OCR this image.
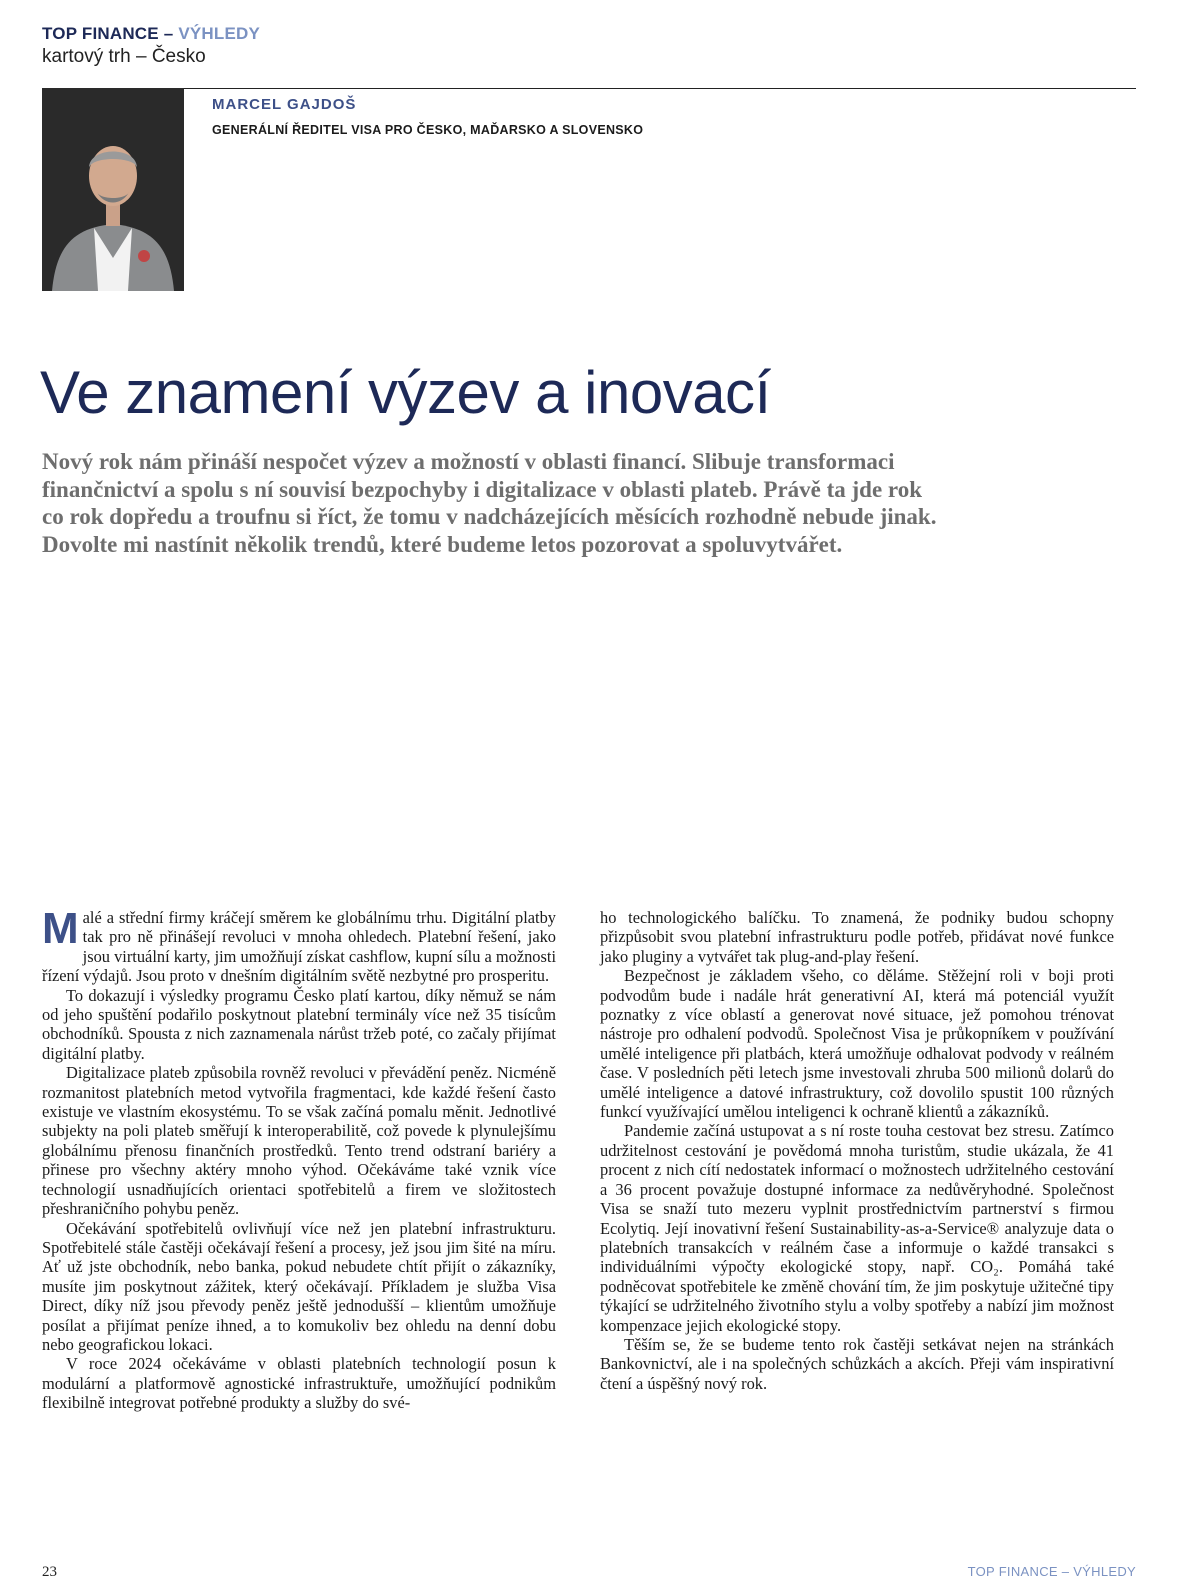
TOP FINANCE – VÝHLEDY
kartový trh – Česko
MARCEL GAJDOŠ
GENERÁLNÍ ŘEDITEL VISA PRO ČESKO, MAĎARSKO A SLOVENSKO
Ve znamení výzev a inovací

Nový rok nám přináší nespočet výzev a možností v oblasti financí. Slibuje transformaci finančnictví a spolu s ní souvisí bezpochyby i digitalizace v oblasti plateb. Právě ta jde rok co rok dopředu a troufnu si říct, že tomu v nadcházejících měsících rozhodně nebude jinak. Dovolte mi nastínit několik trendů, které budeme letos pozorovat a spoluvytvářet.

Malé a střední firmy kráčejí směrem ke globálnímu trhu. Digitální platby tak pro ně přinášejí revoluci v mnoha ohledech. Platební řešení, jako jsou virtuální karty, jim umožňují získat cashflow, kupní sílu a možnosti řízení výdajů. Jsou proto v dnešním digitálním světě nezbytné pro prosperitu.

To dokazují i výsledky programu Česko platí kartou, díky němuž se nám od jeho spuštění podařilo poskytnout platební terminály více než 35 tisícům obchodníků. Spousta z nich zaznamenala nárůst tržeb poté, co začaly přijímat digitální platby.

Digitalizace plateb způsobila rovněž revoluci v převádění peněz. Nicméně rozmanitost platebních metod vytvořila fragmentaci, kde každé řešení často existuje ve vlastním ekosystému. To se však začíná pomalu měnit. Jednotlivé subjekty na poli plateb směřují k interoperabilitě, což povede k plynulejšímu globálnímu přenosu finančních prostředků. Tento trend odstraní bariéry a přinese pro všechny aktéry mnoho výhod. Očekáváme také vznik více technologií usnadňujících orientaci spotřebitelů a firem ve složitostech přeshraničního pohybu peněz.

Očekávání spotřebitelů ovlivňují více než jen platební infrastrukturu. Spotřebitelé stále častěji očekávají řešení a procesy, jež jsou jim šité na míru. Ať už jste obchodník, nebo banka, pokud nebudete chtít přijít o zákazníky, musíte jim poskytnout zážitek, který očekávají. Příkladem je služba Visa Direct, díky níž jsou převody peněz ještě jednodušší – klientům umožňuje posílat a přijímat peníze ihned, a to komukoliv bez ohledu na denní dobu nebo geografickou lokaci.

V roce 2024 očekáváme v oblasti platebních technologií posun k modulární a platformově agnostické infrastruktuře, umožňující podnikům flexibilně integrovat potřebné produkty a služby do své-

ho technologického balíčku. To znamená, že podniky budou schopny přizpůsobit svou platební infrastrukturu podle potřeb, přidávat nové funkce jako pluginy a vytvářet tak plug-and-play řešení.

Bezpečnost je základem všeho, co děláme. Stěžejní roli v boji proti podvodům bude i nadále hrát generativní AI, která má potenciál využít poznatky z více oblastí a generovat nové situace, jež pomohou trénovat nástroje pro odhalení podvodů. Společnost Visa je průkopníkem v používání umělé inteligence při platbách, která umožňuje odhalovat podvody v reálném čase. V posledních pěti letech jsme investovali zhruba 500 milionů dolarů do umělé inteligence a datové infrastruktury, což dovolilo spustit 100 různých funkcí využívající umělou inteligenci k ochraně klientů a zákazníků.

Pandemie začíná ustupovat a s ní roste touha cestovat bez stresu. Zatímco udržitelnost cestování je povědomá mnoha turistům, studie ukázala, že 41 procent z nich cítí nedostatek informací o možnostech udržitelného cestování a 36 procent považuje dostupné informace za nedůvěryhodné. Společnost Visa se snaží tuto mezeru vyplnit prostřednictvím partnerství s firmou Ecolytiq. Její inovativní řešení Sustainability-as-a-Service® analyzuje data o platebních transakcích v reálném čase a informuje o každé transakci s individuálními výpočty ekologické stopy, např. CO₂. Pomáhá také podněcovat spotřebitele ke změně chování tím, že jim poskytuje užitečné tipy týkající se udržitelného životního stylu a volby spotřeby a nabízí jim možnost kompenzace jejich ekologické stopy.

Těším se, že se budeme tento rok častěji setkávat nejen na stránkách Bankovnictví, ale i na společných schůzkách a akcích. Přeji vám inspirativní čtení a úspěšný nový rok.

23	TOP FINANCE – VÝHLEDY
